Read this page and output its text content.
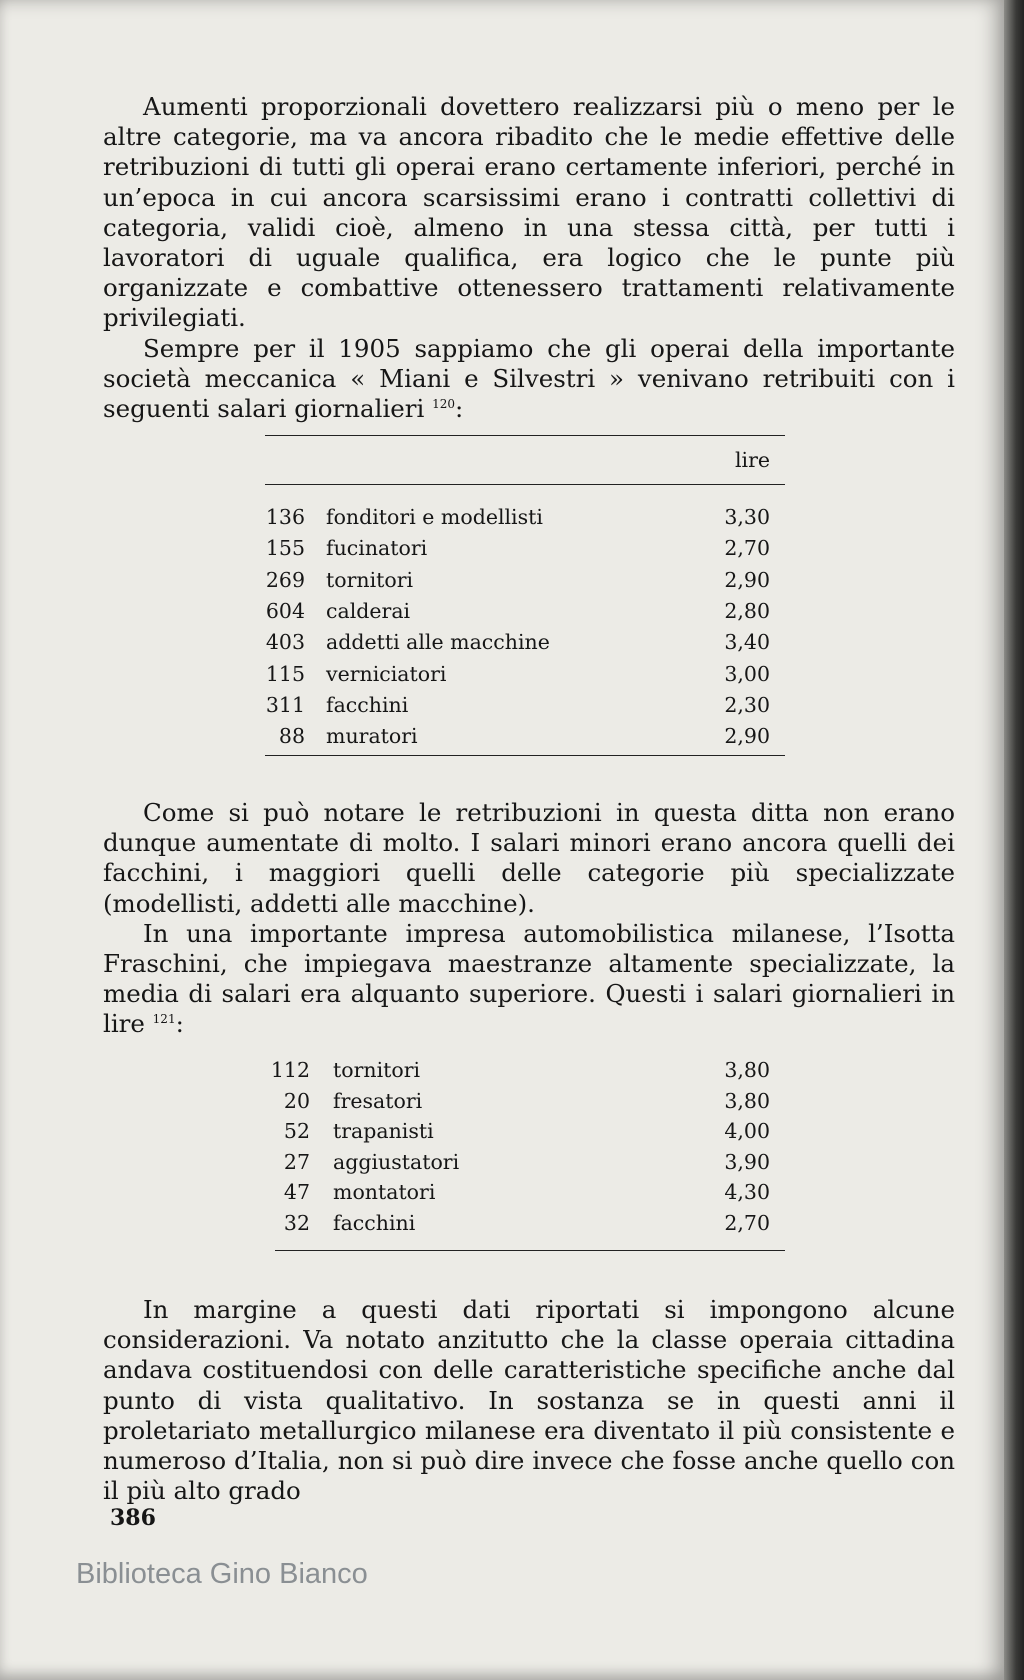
Aumenti proporzionali dovettero realizzarsi più o meno per le altre categorie, ma va ancora ribadito che le medie effettive delle retribuzioni di tutti gli operai erano certamente inferiori, perché in un’epoca in cui ancora scarsissimi erano i contratti collettivi di categoria, validi cioè, almeno in una stessa città, per tutti i lavoratori di uguale qualifica, era logico che le punte più organizzate e combattive ottenessero trattamenti relativamente privilegiati.

Sempre per il 1905 sappiamo che gli operai della importante società meccanica « Miani e Silvestri » venivano retribuiti con i seguenti salari giornalieri $^{120}$:

lire
136 fonditori e modellisti	3,30
155 fucinatori	2,70
269 tornitori	2,90
604 calderai	2,80
403 addetti alle macchine	3,40
115 verniciatori	3,00
311 facchini	2,30
88 muratori	2,90

Come si può notare le retribuzioni in questa ditta non erano dunque aumentate di molto. I salari minori erano ancora quelli dei facchini, i maggiori quelli delle categorie più specializzate (modellisti, addetti alle macchine).

In una importante impresa automobilistica milanese, l’Isotta Fraschini, che impiegava maestranze altamente specializzate, la media di salari era alquanto superiore. Questi i salari giornalieri in lire $^{121}$:

112 tornitori	3,80
20 fresatori	3,80
52 trapanisti	4,00
27 aggiustatori	3,90
47 montatori	4,30
32 facchini	2,70

In margine a questi dati riportati si impongono alcune considerazioni. Va notato anzitutto che la classe operaia cittadina andava costituendosi con delle caratteristiche specifiche anche dal punto di vista qualitativo. In sostanza se in questi anni il proletariato metallurgico milanese era diventato il più consistente e numeroso d’Italia, non si può dire invece che fosse anche quello con il più alto grado

386
Biblioteca Gino Bianco
